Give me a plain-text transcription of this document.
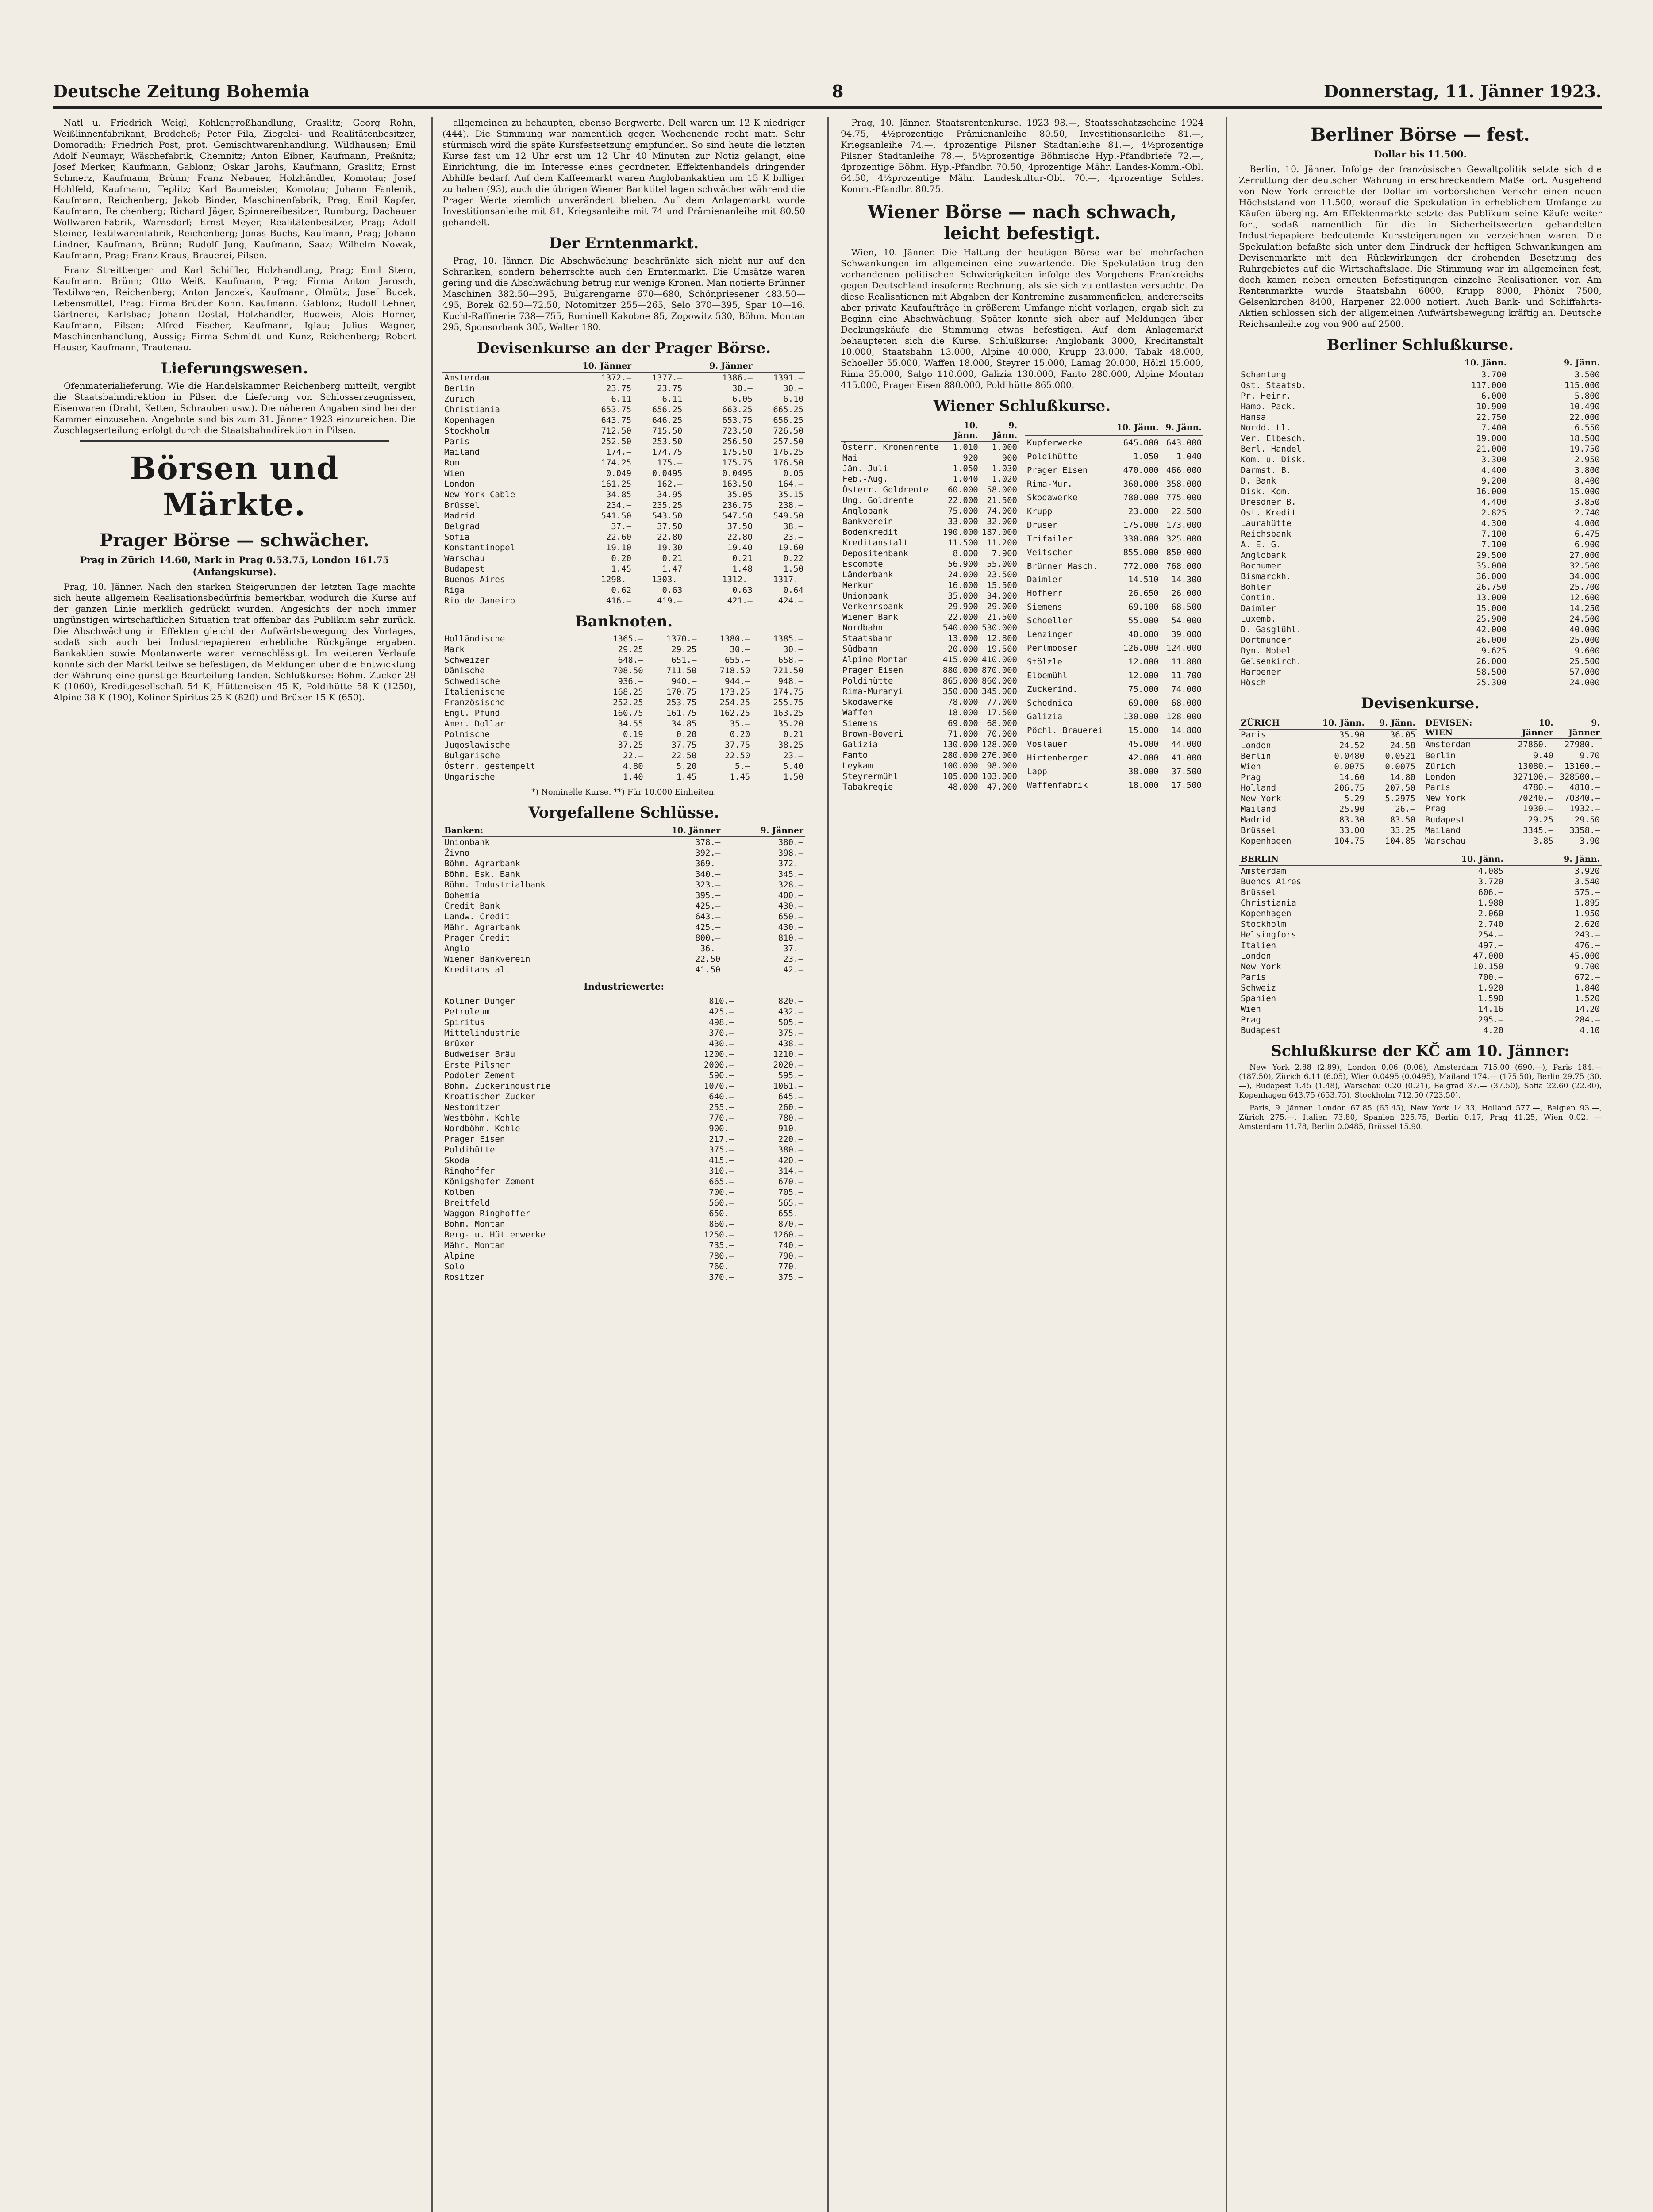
Deutsche Zeitung Bohemia	8	Donnerstag, 11. Jänner 1923.

Natl u. Friedrich Weigl, Kohlengroßhandlung, Graslitz; Georg Rohn, Weißlinnenfabrikant, Brodcheß; Peter Pila, Ziegelei- und Realitätenbesitzer, Domoradih; Friedrich Post, prot. Gemischtwarenhandlung, Wildhausen; Emil Adolf Neumayr, Wäschefabrik, Chemnitz; Anton Eibner, Kaufmann, Preßnitz; Josef Merker, Kaufmann, Gablonz; Oskar Jarohs, Kaufmann, Graslitz; Ernst Schmerz, Kaufmann, Brünn; Franz Nebauer, Holzhändler, Komotau; Josef Hohlfeld, Kaufmann, Teplitz; Karl Baumeister, Komotau; Johann Fanlenik, Kaufmann, Reichenberg; Jakob Binder, Maschinenfabrik, Prag; Emil Kapfer, Kaufmann, Reichenberg; Richard Jäger, Spinnereibesitzer, Rumburg; Dachauer Wollwaren-Fabrik, Warnsdorf; Ernst Meyer, Realitätenbesitzer, Prag; Adolf Steiner, Textilwarenfabrik, Reichenberg; Jonas Buchs, Kaufmann, Prag; Johann Lindner, Kaufmann, Brünn; Rudolf Jung, Kaufmann, Saaz; Wilhelm Nowak, Kaufmann, Prag; Franz Kraus, Brauerei, Pilsen.

Franz Streitberger und Karl Schiffler, Holzhandlung, Prag; Emil Stern, Kaufmann, Brünn; Otto Weiß, Kaufmann, Prag; Firma Anton Jarosch, Textilwaren, Reichenberg; Anton Janczek, Kaufmann, Olmütz; Josef Bucek, Lebensmittel, Prag; Firma Brüder Kohn, Kaufmann, Gablonz; Rudolf Lehner, Gärtnerei, Karlsbad; Johann Dostal, Holzhändler, Budweis; Alois Horner, Kaufmann, Pilsen; Alfred Fischer, Kaufmann, Iglau; Julius Wagner, Maschinenhandlung, Aussig; Firma Schmidt und Kunz, Reichenberg; Robert Hauser, Kaufmann, Trautenau.

Lieferungswesen.

Ofenmaterialieferung. Wie die Handelskammer Reichenberg mitteilt, vergibt die Staatsbahndirektion in Pilsen die Lieferung von Schlosserzeugnissen, Eisenwaren (Draht, Ketten, Schrauben usw.). Die näheren Angaben sind bei der Kammer einzusehen. Angebote sind bis zum 31. Jänner 1923 einzureichen. Die Zuschlagserteilung erfolgt durch die Staatsbahndirektion in Pilsen.

Börsen und Märkte.
Prager Börse — schwächer.
Prag in Zürich 14.60, Mark in Prag 0.53.75, London 161.75 (Anfangskurse).

Prag, 10. Jänner. Nach den starken Steigerungen der letzten Tage machte sich heute allgemein Realisationsbedürfnis bemerkbar, wodurch die Kurse auf der ganzen Linie merklich gedrückt wurden. Angesichts der noch immer ungünstigen wirtschaftlichen Situation trat offenbar das Publikum sehr zurück. Die Abschwächung in Effekten gleicht der Aufwärtsbewegung des Vortages, sodaß sich auch bei Industriepapieren erhebliche Rückgänge ergaben. Bankaktien sowie Montanwerte waren vernachlässigt. Im weiteren Verlaufe konnte sich der Markt teilweise befestigen, da Meldungen über die Entwicklung der Währung eine günstige Beurteilung fanden. Schlußkurse: Böhm. Zucker 29 K (1060), Kreditgesellschaft 54 K, Hütteneisen 45 K, Poldihütte 58 K (1250), Alpine 38 K (190), Koliner Spiritus 25 K (820) und Brüxer 15 K (650).

allgemeinen zu behaupten, ebenso Bergwerte. Dell waren um 12 K niedriger (444). Die Stimmung war namentlich gegen Wochenende recht matt. Sehr stürmisch wird die späte Kursfestsetzung empfunden. So sind heute die letzten Kurse fast um 12 Uhr erst um 12 Uhr 40 Minuten zur Notiz gelangt, eine Einrichtung, die im Interesse eines geordneten Effektenhandels dringender Abhilfe bedarf. Auf dem Kaffeemarkt waren Anglobankaktien um 15 K billiger zu haben (93), auch die übrigen Wiener Banktitel lagen schwächer während die Prager Werte ziemlich unverändert blieben. Auf dem Anlagemarkt wurde Investitionsanleihe mit 81, Kriegsanleihe mit 74 und Prämienanleihe mit 80.50 gehandelt.

Der Erntenmarkt.

Prag, 10. Jänner. Die Abschwächung beschränkte sich nicht nur auf den Schranken, sondern beherrschte auch den Erntenmarkt. Die Umsätze waren gering und die Abschwächung betrug nur wenige Kronen. Man notierte Brünner Maschinen 382.50—395, Bulgarengarne 670—680, Schönpriesener 483.50—495, Borek 62.50—72.50, Notomitzer 255—265, Selo 370—395, Spar 10—16. Kuchl-Raffinerie 738—755, Rominell Kakobne 85, Zopowitz 530, Böhm. Montan 295, Sponsorbank 305, Walter 180.

Devisenkurse an der Prager Börse.
	10. Jänner		9. Jänner	
Amsterdam	1372.—	1377.—	1386.—	1391.—
Berlin	23.75	23.75	30.—	30.—
Zürich	6.11	6.11	6.05	6.10
Christiania	653.75	656.25	663.25	665.25
Kopenhagen	643.75	646.25	653.75	656.25
Stockholm	712.50	715.50	723.50	726.50
Paris	252.50	253.50	256.50	257.50
Mailand	174.—	174.75	175.50	176.25
Rom	174.25	175.—	175.75	176.50
Wien	0.049	0.0495	0.0495	0.05
London	161.25	162.—	163.50	164.—
New York Cable	34.85	34.95	35.05	35.15
Brüssel	234.—	235.25	236.75	238.—
Madrid	541.50	543.50	547.50	549.50
Belgrad	37.—	37.50	37.50	38.—
Sofia	22.60	22.80	22.80	23.—
Konstantinopel	19.10	19.30	19.40	19.60
Warschau	0.20	0.21	0.21	0.22
Budapest	1.45	1.47	1.48	1.50
Buenos Aires	1298.—	1303.—	1312.—	1317.—
Riga	0.62	0.63	0.63	0.64
Rio de Janeiro	416.—	419.—	421.—	424.—
Banknoten.
Holländische	1365.—	1370.—	1380.—	1385.—
Mark	29.25	29.25	30.—	30.—
Schweizer	648.—	651.—	655.—	658.—
Dänische	708.50	711.50	718.50	721.50
Schwedische	936.—	940.—	944.—	948.—
Italienische	168.25	170.75	173.25	174.75
Französische	252.25	253.75	254.25	255.75
Engl. Pfund	160.75	161.75	162.25	163.25
Amer. Dollar	34.55	34.85	35.—	35.20
Polnische	0.19	0.20	0.20	0.21
Jugoslawische	37.25	37.75	37.75	38.25
Bulgarische	22.—	22.50	22.50	23.—
Österr. gestempelt	4.80	5.20	5.—	5.40
Ungarische	1.40	1.45	1.45	1.50
*) Nominelle Kurse. **) Für 10.000 Einheiten.
Vorgefallene Schlüsse.
Banken:	10. Jänner	9. Jänner
Unionbank	378.—	380.—
Živno	392.—	398.—
Böhm. Agrarbank	369.—	372.—
Böhm. Esk. Bank	340.—	345.—
Böhm. Industrialbank	323.—	328.—
Bohemia	395.—	400.—
Credit Bank	425.—	430.—
Landw. Credit	643.—	650.—
Mähr. Agrarbank	425.—	430.—
Prager Credit	800.—	810.—
Anglo	36.—	37.—
Wiener Bankverein	22.50	23.—
Kreditanstalt	41.50	42.—
Industriewerte:
Koliner Dünger	810.—	820.—
Petroleum	425.—	432.—
Spiritus	498.—	505.—
Mittelindustrie	370.—	375.—
Brüxer	430.—	438.—
Budweiser Bräu	1200.—	1210.—
Erste Pilsner	2000.—	2020.—
Podoler Zement	590.—	595.—
Böhm. Zuckerindustrie	1070.—	1061.—
Kroatischer Zucker	640.—	645.—
Nestomitzer	255.—	260.—
Westböhm. Kohle	770.—	780.—
Nordböhm. Kohle	900.—	910.—
Prager Eisen	217.—	220.—
Poldihütte	375.—	380.—
Skoda	415.—	420.—
Ringhoffer	310.—	314.—
Königshofer Zement	665.—	670.—
Kolben	700.—	705.—
Breitfeld	560.—	565.—
Waggon Ringhoffer	650.—	655.—
Böhm. Montan	860.—	870.—
Berg- u. Hüttenwerke	1250.—	1260.—
Mähr. Montan	735.—	740.—
Alpine	780.—	790.—
Solo	760.—	770.—
Rositzer	370.—	375.—

Prag, 10. Jänner. Staatsrentenkurse. 1923 98.—, Staatsschatzscheine 1924 94.75, 4½prozentige Prämienanleihe 80.50, Investitionsanleihe 81.—, Kriegsanleihe 74.—, 4prozentige Pilsner Stadtanleihe 81.—, 4½prozentige Pilsner Stadtanleihe 78.—, 5½prozentige Böhmische Hyp.-Pfandbriefe 72.—, 4prozentige Böhm. Hyp.-Pfandbr. 70.50, 4prozentige Mähr. Landes-Komm.-Obl. 64.50, 4½prozentige Mähr. Landeskultur-Obl. 70.—, 4prozentige Schles. Komm.-Pfandbr. 80.75.

Wiener Börse — nach schwach, leicht befestigt.

Wien, 10. Jänner. Die Haltung der heutigen Börse war bei mehrfachen Schwankungen im allgemeinen eine zuwartende. Die Spekulation trug den vorhandenen politischen Schwierigkeiten infolge des Vorgehens Frankreichs gegen Deutschland insoferne Rechnung, als sie sich zu entlasten versuchte. Da diese Realisationen mit Abgaben der Kontremine zusammenfielen, andererseits aber private Kaufaufträge in größerem Umfange nicht vorlagen, ergab sich zu Beginn eine Abschwächung. Später konnte sich aber auf Meldungen über Deckungskäufe die Stimmung etwas befestigen. Auf dem Anlagemarkt behaupteten sich die Kurse. Schlußkurse: Anglobank 3000, Kreditanstalt 10.000, Staatsbahn 13.000, Alpine 40.000, Krupp 23.000, Tabak 48.000, Schoeller 55.000, Waffen 18.000, Steyrer 15.000, Lamag 20.000, Hölzl 15.000, Rima 35.000, Salgo 110.000, Galizia 130.000, Fanto 280.000, Alpine Montan 415.000, Prager Eisen 880.000, Poldihütte 865.000.

Wiener Schlußkurse.
	10. Jänn.	9. Jänn.
Österr. Kronenrente	1.010	1.000
Mai	920	900
Jän.-Juli	1.050	1.030
Feb.-Aug.	1.040	1.020
Österr. Goldrente	60.000	58.000
Ung. Goldrente	22.000	21.500
Anglobank	75.000	74.000
Bankverein	33.000	32.000
Bodenkredit	190.000	187.000
Kreditanstalt	11.500	11.200
Depositenbank	8.000	7.900
Escompte	56.900	55.000
Länderbank	24.000	23.500
Merkur	16.000	15.500
Unionbank	35.000	34.000
Verkehrsbank	29.900	29.000
Wiener Bank	22.000	21.500
Nordbahn	540.000	530.000
Staatsbahn	13.000	12.800
Südbahn	20.000	19.500
Alpine Montan	415.000	410.000
Prager Eisen	880.000	870.000
Poldihütte	865.000	860.000
Rima-Muranyi	350.000	345.000
Skodawerke	78.000	77.000
Waffen	18.000	17.500
Siemens	69.000	68.000
Brown-Boveri	71.000	70.000
Galizia	130.000	128.000
Fanto	280.000	276.000
Leykam	100.000	98.000
Steyrermühl	105.000	103.000
Tabakregie	48.000	47.000
	10. Jänn.	9. Jänn.
Kupferwerke	645.000	643.000
Poldihütte	1.050	1.040
Prager Eisen	470.000	466.000
Rima-Mur.	360.000	358.000
Skodawerke	780.000	775.000
Krupp	23.000	22.500
Drüser	175.000	173.000
Trifailer	330.000	325.000
Veitscher	855.000	850.000
Brünner Masch.	772.000	768.000
Daimler	14.510	14.300
Hofherr	26.650	26.000
Siemens	69.100	68.500
Schoeller	55.000	54.000
Lenzinger	40.000	39.000
Perlmooser	126.000	124.000
Stölzle	12.000	11.800
Elbemühl	12.000	11.700
Zuckerind.	75.000	74.000
Schodnica	69.000	68.000
Galizia	130.000	128.000
Pöchl. Brauerei	15.000	14.800
Vöslauer	45.000	44.000
Hirtenberger	42.000	41.000
Lapp	38.000	37.500
Waffenfabrik	18.000	17.500
Berliner Börse — fest.
Dollar bis 11.500.

Berlin, 10. Jänner. Infolge der französischen Gewaltpolitik setzte sich die Zerrüttung der deutschen Währung in erschreckendem Maße fort. Ausgehend von New York erreichte der Dollar im vorbörslichen Verkehr einen neuen Höchststand von 11.500, worauf die Spekulation in erheblichem Umfange zu Käufen überging. Am Effektenmarkte setzte das Publikum seine Käufe weiter fort, sodaß namentlich für die in Sicherheitswerten gehandelten Industriepapiere bedeutende Kurssteigerungen zu verzeichnen waren. Die Spekulation befaßte sich unter dem Eindruck der heftigen Schwankungen am Devisenmarkte mit den Rückwirkungen der drohenden Besetzung des Ruhrgebietes auf die Wirtschaftslage. Die Stimmung war im allgemeinen fest, doch kamen neben erneuten Befestigungen einzelne Realisationen vor. Am Rentenmarkte wurde Staatsbahn 6000, Krupp 8000, Phönix 7500, Gelsenkirchen 8400, Harpener 22.000 notiert. Auch Bank- und Schiffahrts-Aktien schlossen sich der allgemeinen Aufwärtsbewegung kräftig an. Deutsche Reichsanleihe zog von 900 auf 2500.

Berliner Schlußkurse.
	10. Jänn.	9. Jänn.
Schantung	3.700	3.500
Ost. Staatsb.	117.000	115.000
Pr. Heinr.	6.000	5.800
Hamb. Pack.	10.900	10.490
Hansa	22.750	22.000
Nordd. Ll.	7.400	6.550
Ver. Elbesch.	19.000	18.500
Berl. Handel	21.000	19.750
Kom. u. Disk.	3.300	2.950
Darmst. B.	4.400	3.800
D. Bank	9.200	8.400
Disk.-Kom.	16.000	15.000
Dresdner B.	4.400	3.850
Ost. Kredit	2.825	2.740
Laurahütte	4.300	4.000
Reichsbank	7.100	6.475
A. E. G.	7.100	6.900
Anglobank	29.500	27.000
Bochumer	35.000	32.500
Bismarckh.	36.000	34.000
Böhler	26.750	25.700
Contin.	13.000	12.600
Daimler	15.000	14.250
Luxemb.	25.900	24.500
D. Gasglühl.	42.000	40.000
Dortmunder	26.000	25.000
Dyn. Nobel	9.625	9.600
Gelsenkirch.	26.000	25.500
Harpener	58.500	57.000
Hösch	25.300	24.000
Devisenkurse.
ZÜRICH	10. Jänn.	9. Jänn.
Paris	35.90	36.05
London	24.52	24.58
Berlin	0.0480	0.0521
Wien	0.0075	0.0075
Prag	14.60	14.80
Holland	206.75	207.50
New York	5.29	5.2975
Mailand	25.90	26.—
Madrid	83.30	83.50
Brüssel	33.00	33.25
Kopenhagen	104.75	104.85
DEVISEN: WIEN	10. Jänner	9. Jänner
Amsterdam	27860.—	27980.—
Berlin	9.40	9.70
Zürich	13080.—	13160.—
London	327100.—	328500.—
Paris	4780.—	4810.—
New York	70240.—	70340.—
Prag	1930.—	1932.—
Budapest	29.25	29.50
Mailand	3345.—	3358.—
Warschau	3.85	3.90
BERLIN	10. Jänn.	9. Jänn.
Amsterdam	4.085	3.920
Buenos Aires	3.720	3.540
Brüssel	606.—	575.—
Christiania	1.980	1.895
Kopenhagen	2.060	1.950
Stockholm	2.740	2.620
Helsingfors	254.—	243.—
Italien	497.—	476.—
London	47.000	45.000
New York	10.150	9.700
Paris	700.—	672.—
Schweiz	1.920	1.840
Spanien	1.590	1.520
Wien	14.16	14.20
Prag	295.—	284.—
Budapest	4.20	4.10
Schlußkurse der KČ am 10. Jänner:

New York 2.88 (2.89), London 0.06 (0.06), Amsterdam 715.00 (690.—), Paris 184.— (187.50), Zürich 6.11 (6.05), Wien 0.0495 (0.0495), Mailand 174.— (175.50), Berlin 29.75 (30.—), Budapest 1.45 (1.48), Warschau 0.20 (0.21), Belgrad 37.— (37.50), Sofia 22.60 (22.80), Kopenhagen 643.75 (653.75), Stockholm 712.50 (723.50).

Paris, 9. Jänner. London 67.85 (65.45), New York 14.33, Holland 577.—, Belgien 93.—, Zürich 275.—, Italien 73.80, Spanien 225.75, Berlin 0.17, Prag 41.25, Wien 0.02. — Amsterdam 11.78, Berlin 0.0485, Brüssel 15.90.
